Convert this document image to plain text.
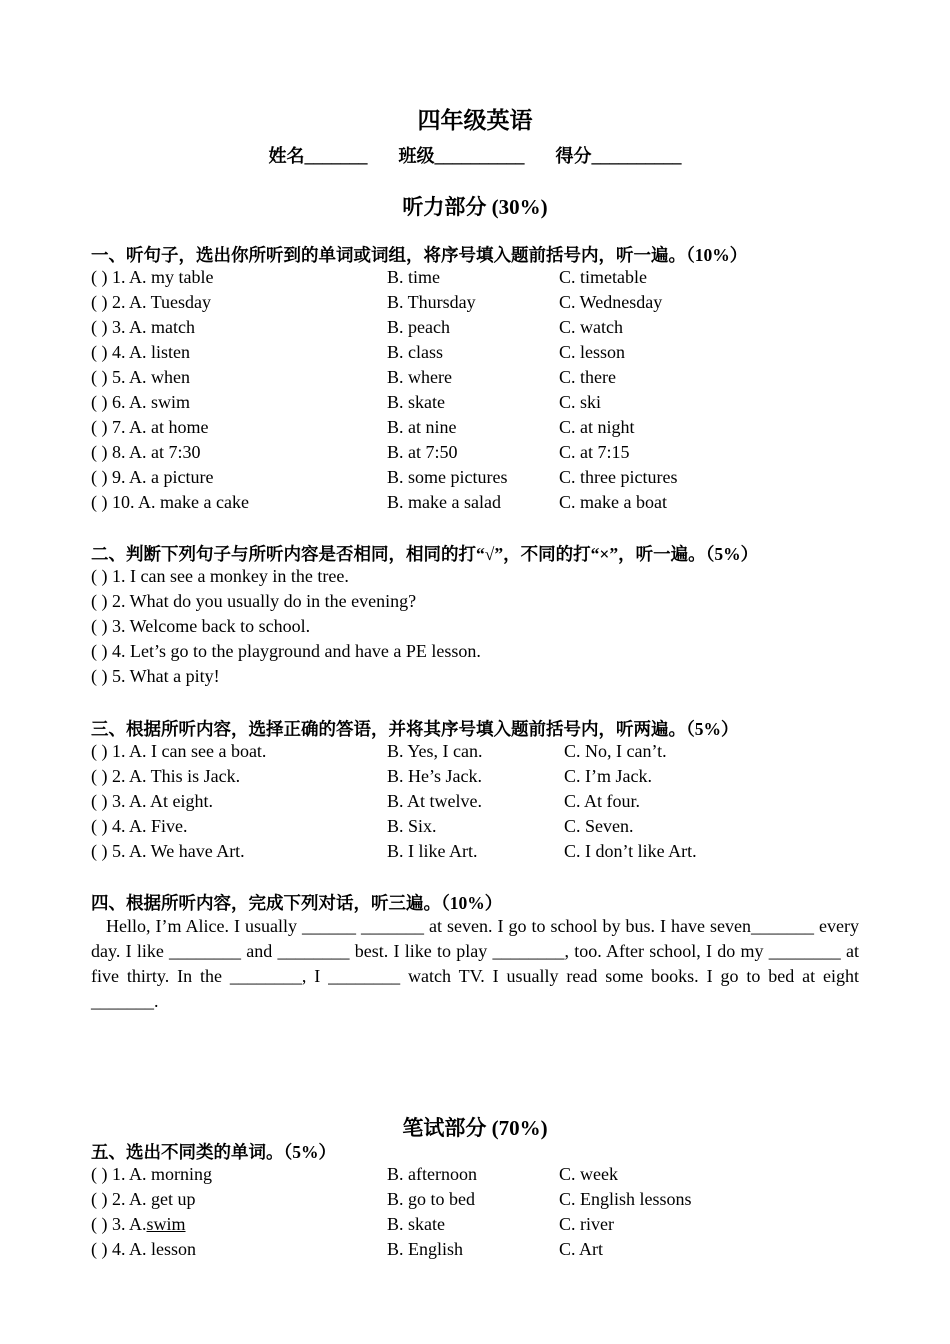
四年级英语
姓名_______ 班级__________ 得分__________
听力部分 (30%)
一、听句子，选出你所听到的单词或词组，将序号填入题前括号内，听一遍。（10%）
( ) 1. A. my table	B. time	C. timetable
( ) 2. A. Tuesday	B. Thursday	C. Wednesday
( ) 3. A. match	B. peach	C. watch
( ) 4. A. listen	B. class	C. lesson
( ) 5. A. when	B. where	C. there
( ) 6. A. swim	B. skate	C. ski
( ) 7. A. at home	B. at nine	C. at night
( ) 8. A. at 7:30	B. at 7:50	C. at 7:15
( ) 9. A. a picture	B. some pictures	C. three pictures
( ) 10. A. make a cake	B. make a salad	C. make a boat
二、判断下列句子与所听内容是否相同，相同的打“√”，不同的打“×”，听一遍。（5%）
( ) 1. I can see a monkey in the tree.
( ) 2. What do you usually do in the evening?
( ) 3. Welcome back to school.
( ) 4. Let’s go to the playground and have a PE lesson.
( ) 5. What a pity!
三、根据所听内容，选择正确的答语，并将其序号填入题前括号内，听两遍。（5%）
( ) 1. A. I can see a boat.	B. Yes, I can.	C. No, I can’t.
( ) 2. A. This is Jack.	B. He’s Jack.	C. I’m Jack.
( ) 3. A. At eight.	B. At twelve.	C. At four.
( ) 4. A. Five.	B. Six.	C. Seven.
( ) 5. A. We have Art.	B. I like Art.	C. I don’t like Art.
四、根据所听内容，完成下列对话，听三遍。（10%）
Hello, I’m Alice. I usually ______ _______ at seven. I go to school by bus. I have seven_______ every day. I like ________ and ________ best. I like to play ________, too. After school, I do my ________ at five thirty. In the ________, I ________ watch TV. I usually read some books. I go to bed at eight _______.
笔试部分 (70%)
五、选出不同类的单词。（5%）
( ) 1. A. morning	B. afternoon	C. week
( ) 2. A. get up	B. go to bed	C. English lessons
( ) 3. A.swim	B. skate	C. river
( ) 4. A. lesson	B. English	C. Art
